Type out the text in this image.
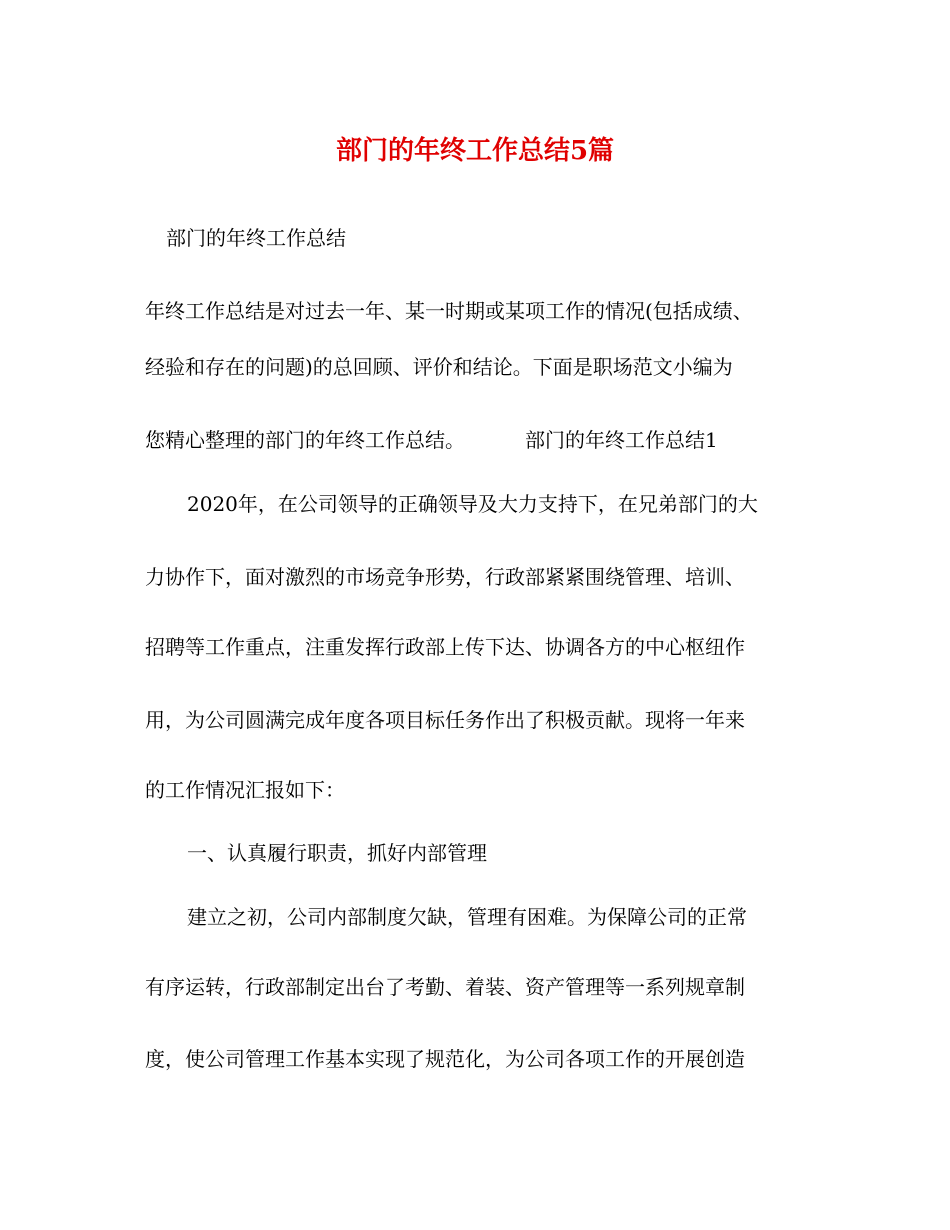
部门的年终工作总结5篇
部门的年终工作总结
年终工作总结是对过去一年、某一时期或某项工作的情况(包括成绩、
经验和存在的问题)的总回顾、评价和结论。下面是职场范文小编为
您精心整理的部门的年终工作总结。	部门的年终工作总结1
2020年，在公司领导的正确领导及大力支持下，在兄弟部门的大
力协作下，面对激烈的市场竞争形势，行政部紧紧围绕管理、培训、
招聘等工作重点，注重发挥行政部上传下达、协调各方的中心枢纽作
用，为公司圆满完成年度各项目标任务作出了积极贡献。现将一年来
的工作情况汇报如下：
一、认真履行职责，抓好内部管理
建立之初，公司内部制度欠缺，管理有困难。为保障公司的正常
有序运转，行政部制定出台了考勤、着装、资产管理等一系列规章制
度，使公司管理工作基本实现了规范化，为公司各项工作的开展创造
